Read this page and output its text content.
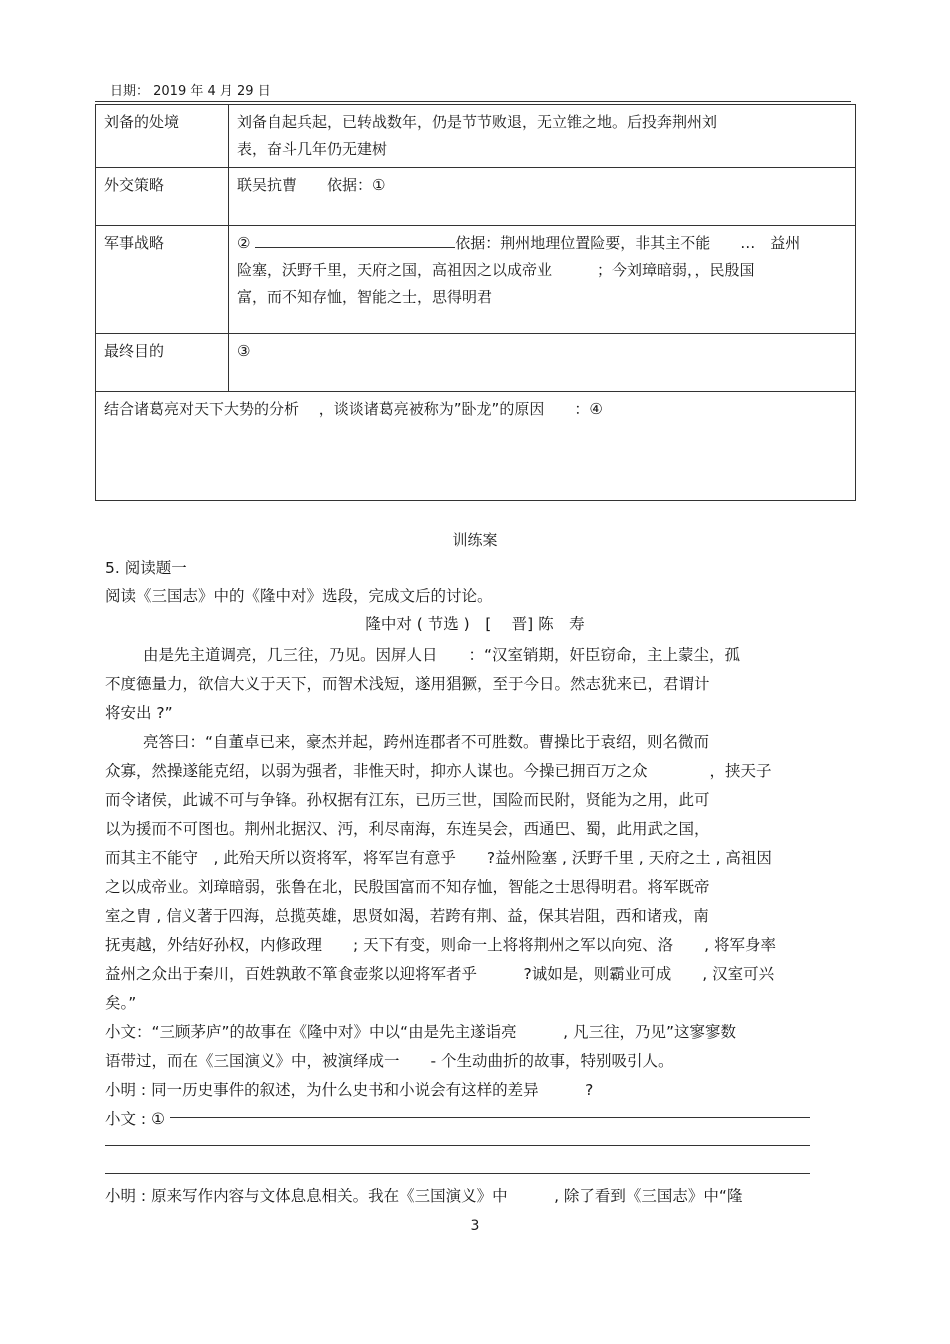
日期： 2019 年 4 月 29 日
刘备的处境	刘备自起兵起，已转战数年，仍是节节败退，无立锥之地。后投奔荆州刘
表，奋斗几年仍无建树

外交策略	联吴抗曹　　依据：①
军事战略	② 依据：荆州地理位置险要，非其主不能　　…　益州
险塞，沃野千里，天府之国，高祖因之以成帝业　　　；今刘璋暗弱，，民殷国
富，而不知存恤，智能之士，思得明君

最终目的	③
结合诸葛亮对天下大势的分析　 ，谈谈诸葛亮被称为”卧龙”的原因　　：④	
训练案
5. 阅读题一
阅读《三国志》中的《隆中对》选段，完成文后的讨论。
隆中对 ( 节选 )　[　 晋] 陈　寿
由是先主道调亮，几三往，乃见。因屏人日　　：“汉室销期，奸臣窃命，主上蒙尘，孤
不度德量力，欲信大义于天下，而智术浅短，遂用猖獗，至于今日。然志犹来已，君谓计
将安出 ?”
亮答曰：“自董卓已来，豪杰并起，跨州连郡者不可胜数。曹操比于袁绍，则名微而
众寡，然操遂能克绍，以弱为强者，非惟天时，抑亦人谋也。今操已拥百万之众　　　　，挟天子
而令诸侯，此诚不可与争锋。孙权据有江东，已历三世，国险而民附，贤能为之用，此可
以为援而不可图也。荆州北据汉、沔，利尽南海，东连吴会，西通巴、蜀，此用武之国，
而其主不能守　, 此殆天所以资将军，将军岂有意乎　　?益州险塞 , 沃野千里 , 天府之土 , 高祖因
之以成帝业。刘璋暗弱，张鲁在北，民殷国富而不知存恤，智能之士思得明君。将军既帝
室之胄 , 信义著于四海，总揽英雄，思贤如渴，若跨有荆、益，保其岩阻，西和诸戎，南
抚夷越，外结好孙权，内修政理　　; 天下有变，则命一上将将荆州之军以向宛、洛　　, 将军身率
益州之众出于秦川，百姓孰敢不箪食壶浆以迎将军者乎　　　?诚如是，则霸业可成　　, 汉室可兴
矣。”
小文：“三顾茅庐”的故事在《隆中对》中以“由是先主遂诣亮　　　, 凡三往，乃见”这寥寥数
语带过，而在《三国演义》中，被演绎成一　　- 个生动曲折的故事，特别吸引人。
小明 : 同一历史事件的叙述，为什么史书和小说会有这样的差异　　　?
小文 : ①
小明 : 原来写作内容与文体息息相关。我在《三国演义》中　　　, 除了看到《三国志》中“隆
3
